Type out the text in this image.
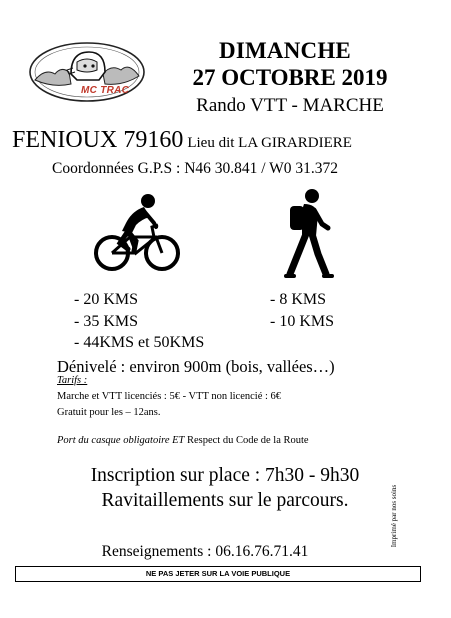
MC TRAC
DIMANCHE
27 OCTOBRE 2019
Rando VTT - MARCHE
FENIOUX 79160 Lieu dit LA GIRARDIERE
Coordonnées G.P.S : N46 30.841 / W0 31.372
- 20 KMS
- 35 KMS
- 44KMS et 50KMS
- 8 KMS
- 10 KMS
Dénivelé : environ 900m (bois, vallées…)
Tarifs :
Marche et VTT licenciés : 5€ - VTT non licencié : 6€
Gratuit pour les – 12ans.
Port du casque obligatoire ET Respect du Code de la Route
Inscription sur place : 7h30 - 9h30
Ravitaillements sur le parcours.	Imprimé par nos soins
Renseignements : 06.16.76.71.41
NE PAS JETER SUR LA VOIE PUBLIQUE
